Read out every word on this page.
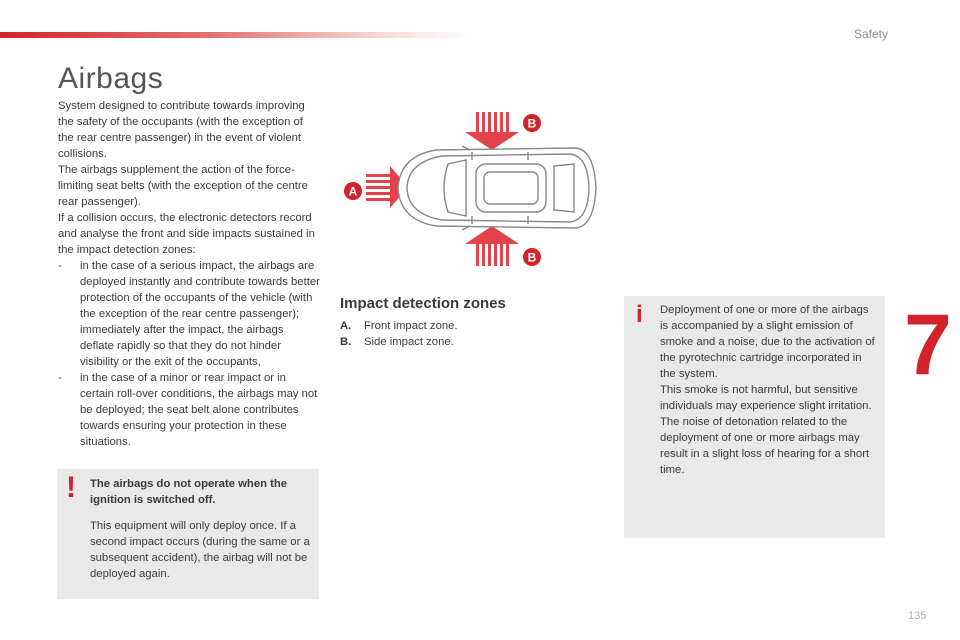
Safety
7
135
Airbags

System designed to contribute towards improving the safety of the occupants (with the exception of the rear centre passenger) in the event of violent collisions.

The airbags supplement the action of the force-limiting seat belts (with the exception of the centre rear passenger).

If a collision occurs, the electronic detectors record and analyse the front and side impacts sustained in the impact detection zones:

- in the case of a serious impact, the airbags are deployed instantly and contribute towards better protection of the occupants of the vehicle (with the exception of the rear centre passenger); immediately after the impact, the airbags deflate rapidly so that they do not hinder visibility or the exit of the occupants,
- in the case of a minor or rear impact or in certain roll-over conditions, the airbags may not be deployed; the seat belt alone contributes towards ensuring your protection in these situations.
! The airbags do not operate when the ignition is switched off.

This equipment will only deploy once. If a second impact occurs (during the same or a subsequent accident), the airbag will not be deployed again.

A
B
B
Impact detection zones
A. Front impact zone.
B. Side impact zone.
i Deployment of one or more of the airbags is accompanied by a slight emission of smoke and a noise, due to the activation of the pyrotechnic cartridge incorporated in the system.

This smoke is not harmful, but sensitive individuals may experience slight irritation.

The noise of detonation related to the deployment of one or more airbags may result in a slight loss of hearing for a short time.
